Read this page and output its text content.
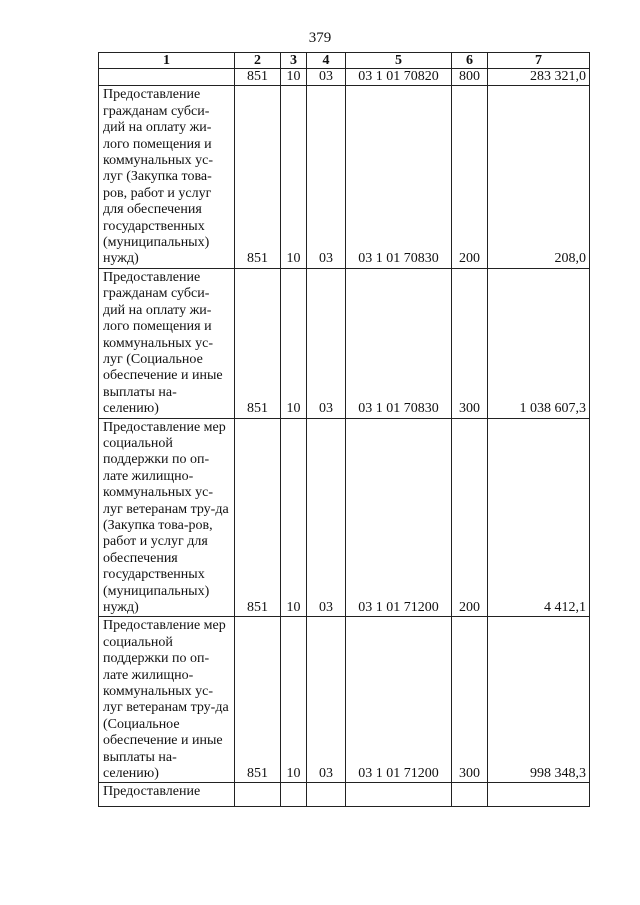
379
1	2	3	4	5	6	7
	851	10	03	03 1 01 70820	800	283 321,0
Предоставление гражданам субси-дий на оплату жи-лого помещения и коммунальных ус-луг (Закупка това-ров, работ и услуг для обеспечения государственных (муниципальных) нужд)	851	10	03	03 1 01 70830	200	208,0
Предоставление гражданам субси-дий на оплату жи-лого помещения и коммунальных ус-луг (Социальное обеспечение и иные выплаты на-селению)	851	10	03	03 1 01 70830	300	1 038 607,3
Предоставление мер социальной поддержки по оп-лате жилищно-коммунальных ус-луг ветеранам тру-да (Закупка това-ров, работ и услуг для обеспечения государственных (муниципальных) нужд)	851	10	03	03 1 01 71200	200	4 412,1
Предоставление мер социальной поддержки по оп-лате жилищно-коммунальных ус-луг ветеранам тру-да (Социальное обеспечение и иные выплаты на-селению)	851	10	03	03 1 01 71200	300	998 348,3
Предоставление						
